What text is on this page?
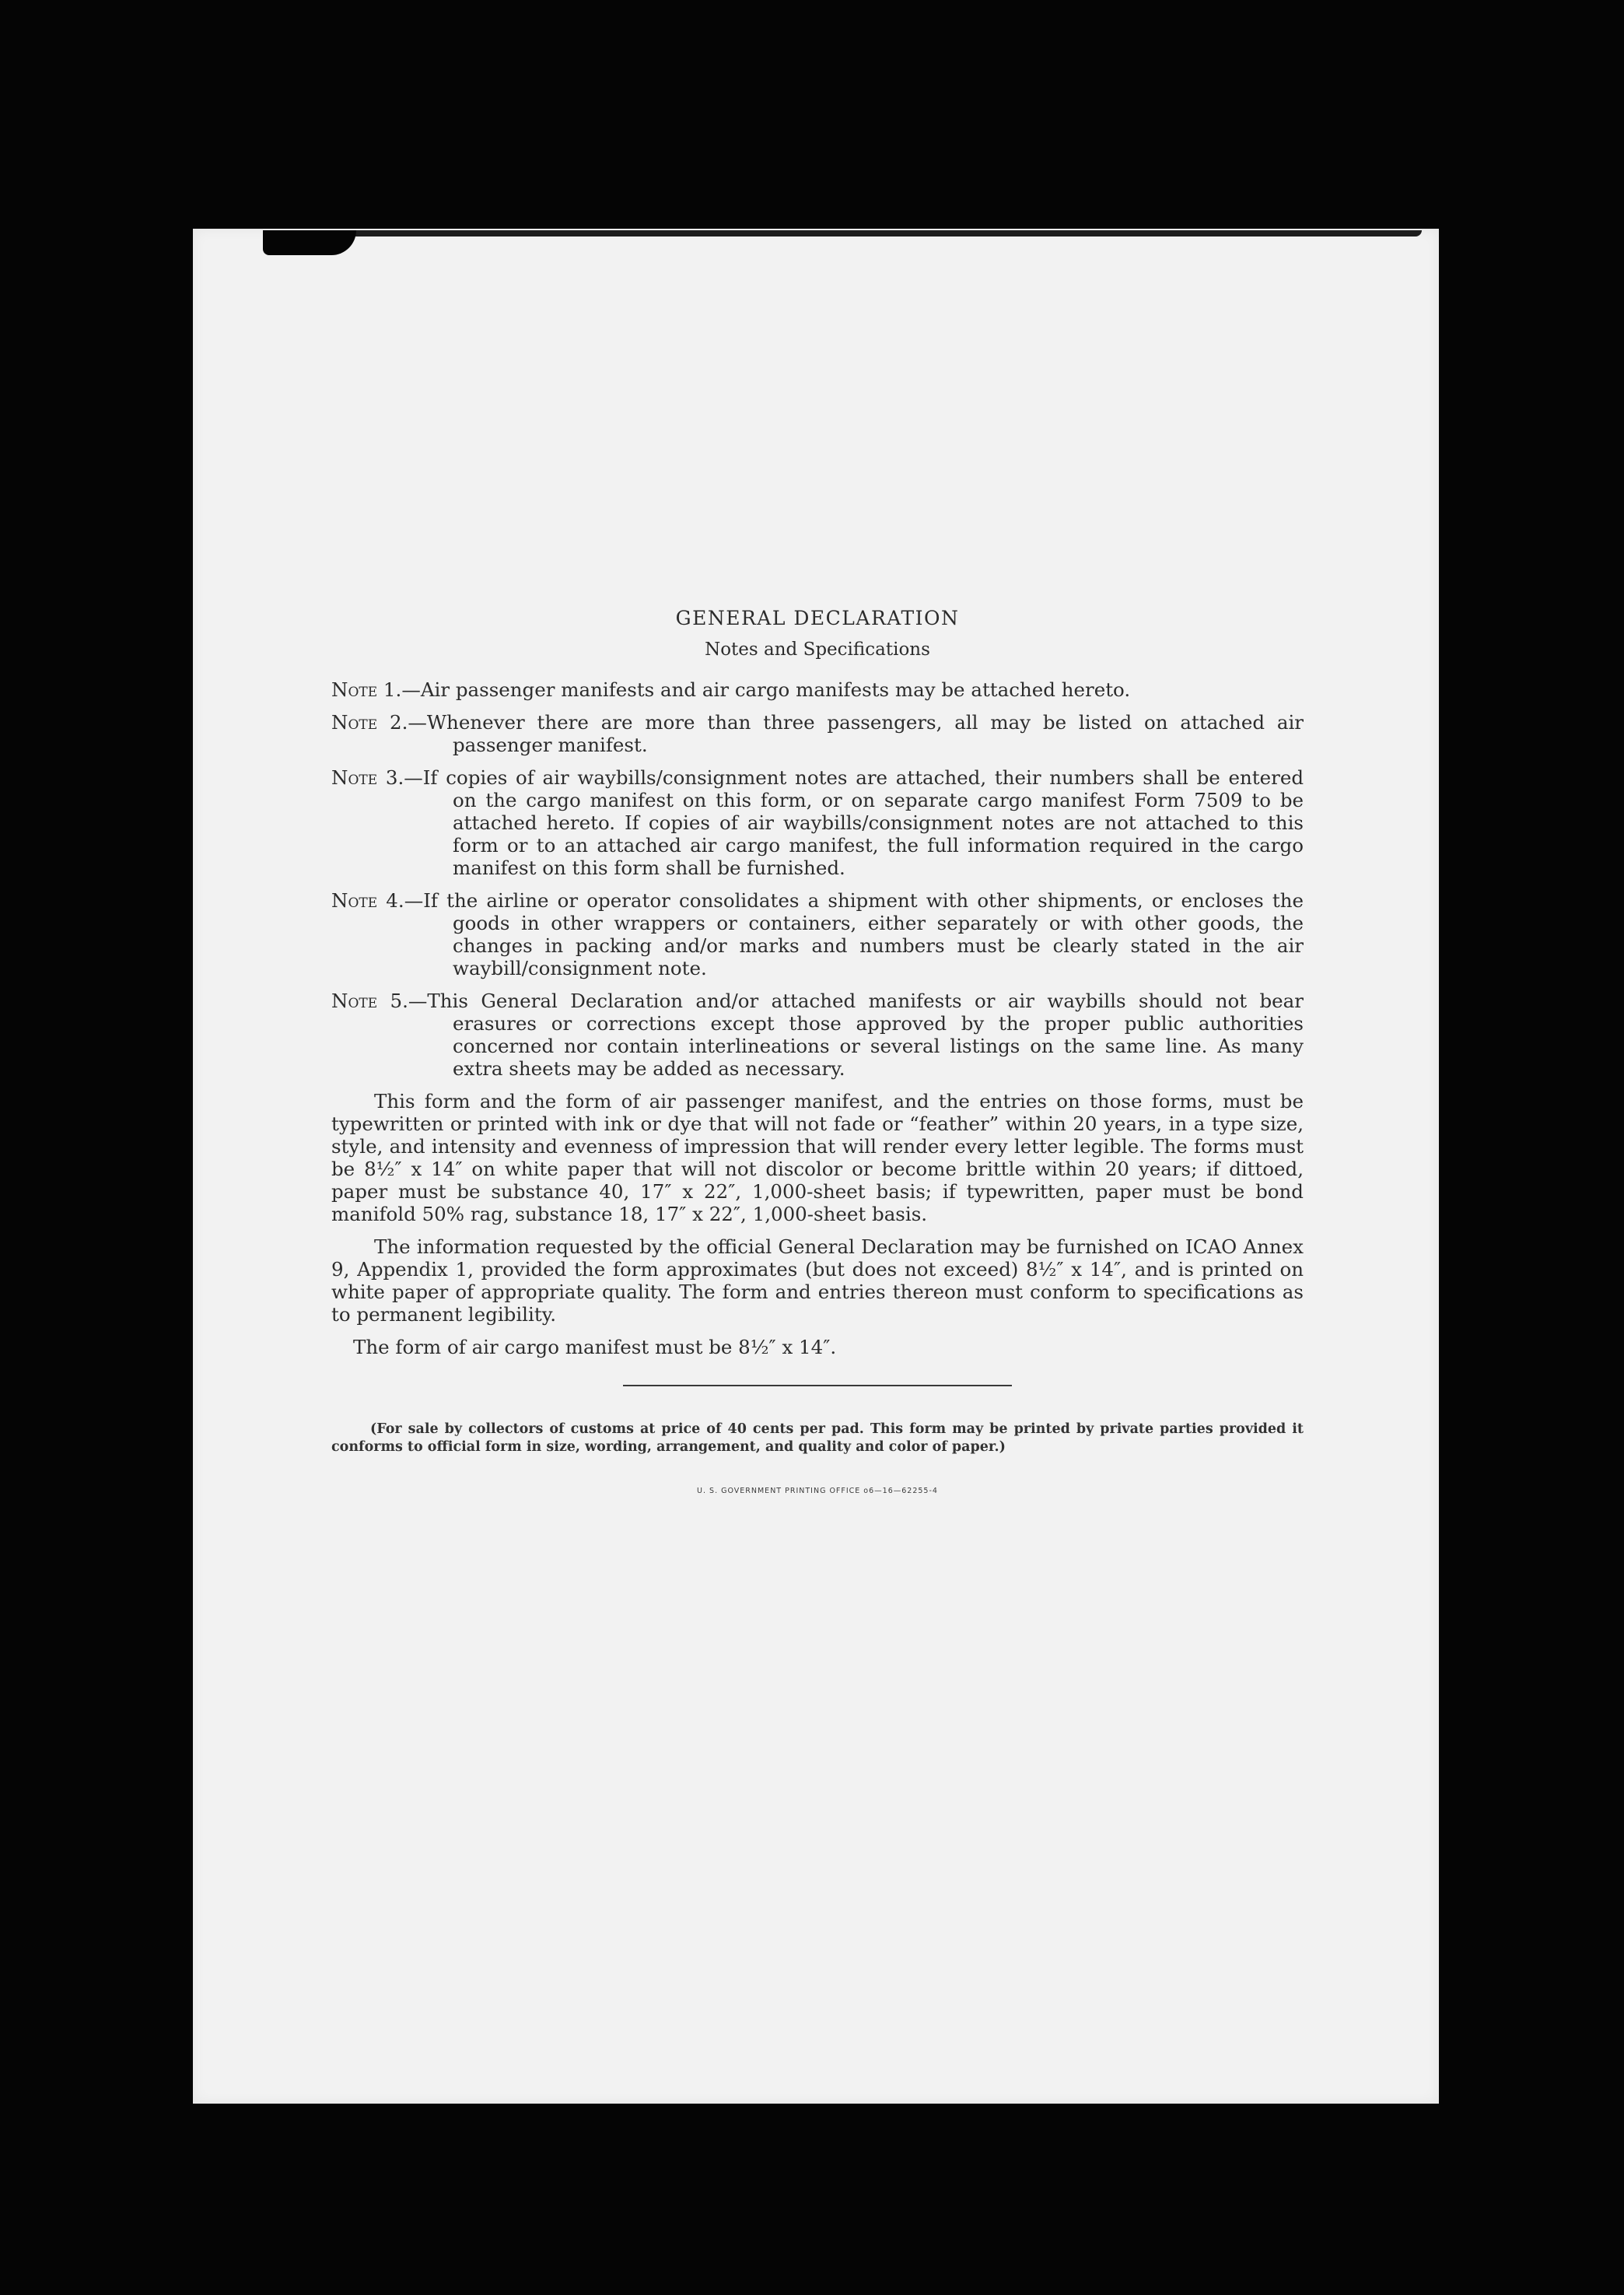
GENERAL DECLARATION
Notes and Specifications
Note 1.—Air passenger manifests and air cargo manifests may be attached hereto.
Note 2.—Whenever there are more than three passengers, all may be listed on attached air passenger manifest.
Note 3.—If copies of air waybills/consignment notes are attached, their numbers shall be entered on the cargo manifest on this form, or on separate cargo manifest Form 7509 to be attached hereto. If copies of air waybills/consignment notes are not attached to this form or to an attached air cargo manifest, the full information required in the cargo manifest on this form shall be furnished.
Note 4.—If the airline or operator consolidates a shipment with other shipments, or encloses the goods in other wrappers or containers, either separately or with other goods, the changes in packing and/or marks and numbers must be clearly stated in the air waybill/consignment note.
Note 5.—This General Declaration and/or attached manifests or air waybills should not bear erasures or corrections except those approved by the proper public authorities concerned nor contain interlineations or several listings on the same line. As many extra sheets may be added as necessary.
This form and the form of air passenger manifest, and the entries on those forms, must be typewritten or printed with ink or dye that will not fade or “feather” within 20 years, in a type size, style, and intensity and evenness of impression that will render every letter legible. The forms must be 8½″ x 14″ on white paper that will not discolor or become brittle within 20 years; if dittoed, paper must be substance 40, 17″ x 22″, 1,000-sheet basis; if typewritten, paper must be bond manifold 50% rag, substance 18, 17″ x 22″, 1,000-sheet basis.
The information requested by the official General Declaration may be furnished on ICAO Annex 9, Appendix 1, provided the form approximates (but does not exceed) 8½″ x 14″, and is printed on white paper of appropriate quality. The form and entries thereon must conform to specifications as to permanent legibility.
The form of air cargo manifest must be 8½″ x 14″.

(For sale by collectors of customs at price of 40 cents per pad. This form may be printed by private parties provided it conforms to official form in size, wording, arrangement, and quality and color of paper.)

U. S. GOVERNMENT PRINTING OFFICE o6—16—62255-4
